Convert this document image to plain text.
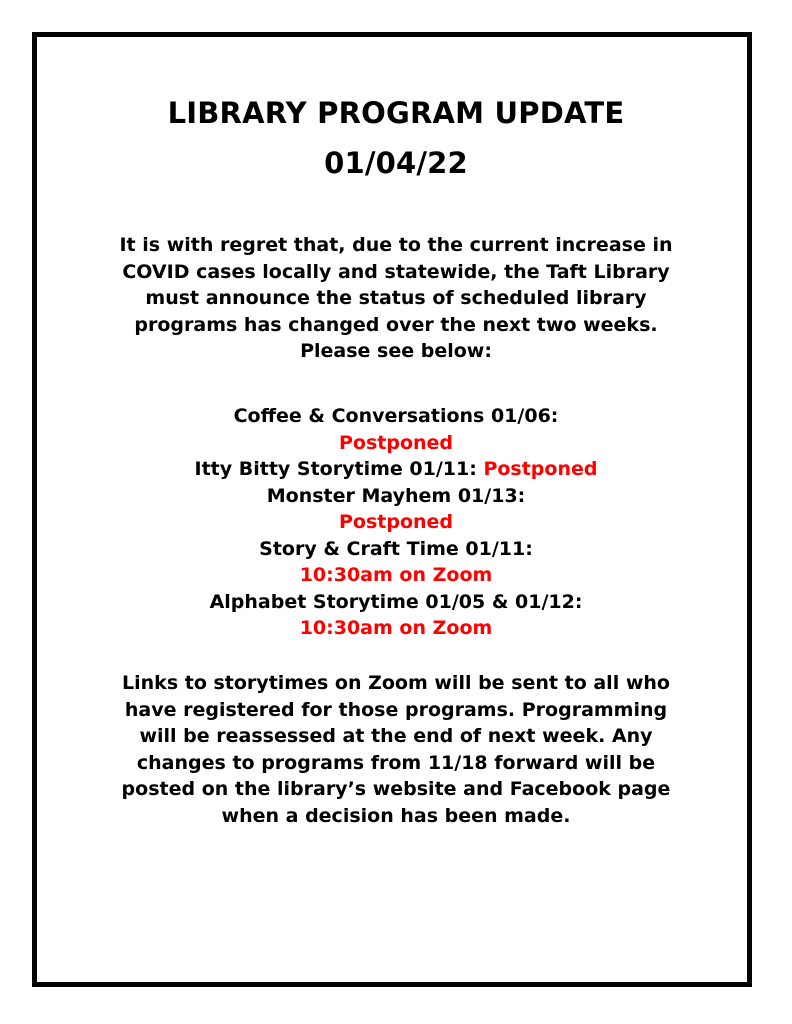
LIBRARY PROGRAM UPDATE
01/04/22
It is with regret that, due to the current increase in
COVID cases locally and statewide, the Taft Library
must announce the status of scheduled library
programs has changed over the next two weeks.
Please see below:
Coffee & Conversations 01/06:
Postponed
Itty Bitty Storytime 01/11: Postponed
Monster Mayhem 01/13:
Postponed
Story & Craft Time 01/11:
10:30am on Zoom
Alphabet Storytime 01/05 & 01/12:
10:30am on Zoom
Links to storytimes on Zoom will be sent to all who
have registered for those programs. Programming
will be reassessed at the end of next week. Any
changes to programs from 11/18 forward will be
posted on the library’s website and Facebook page
when a decision has been made.
